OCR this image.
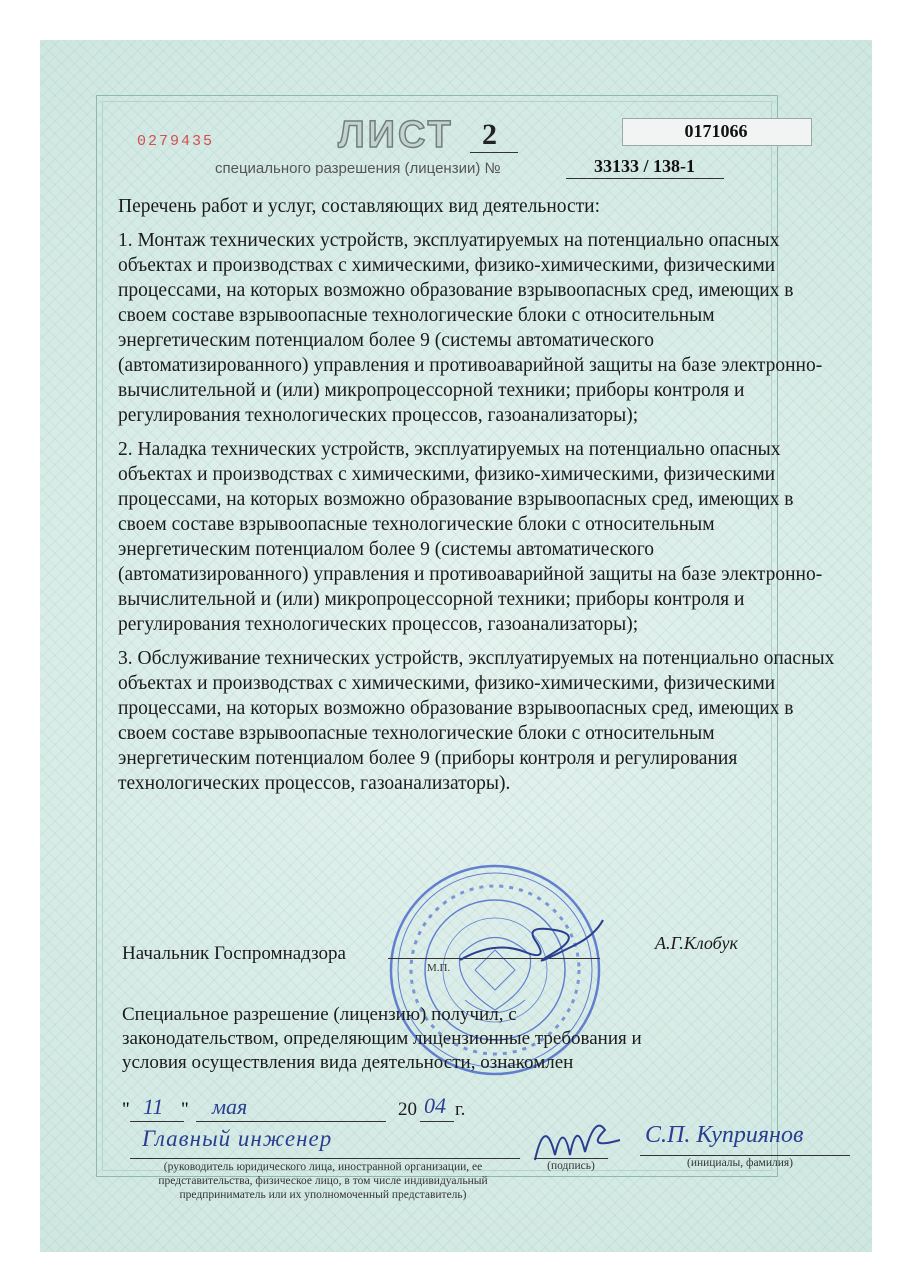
0279435	ЛИСТ 2	0171066
специального разрешения (лицензии) №	33133 / 138-1

Перечень работ и услуг, составляющих вид деятельности:

1. Монтаж технических устройств, эксплуатируемых на потенциально опасных объектах и производствах с химическими, физико-химическими, физическими процессами, на которых возможно образование взрывоопасных сред, имеющих в своем составе взрывоопасные технологические блоки с относительным энергетическим потенциалом более 9 (системы автоматического (автоматизированного) управления и противоаварийной защиты на базе электронно-вычислительной и (или) микропроцессорной техники; приборы контроля и регулирования технологических процессов, газоанализаторы);

2. Наладка технических устройств, эксплуатируемых на потенциально опасных объектах и производствах с химическими, физико-химическими, физическими процессами, на которых возможно образование взрывоопасных сред, имеющих в своем составе взрывоопасные технологические блоки с относительным энергетическим потенциалом более 9 (системы автоматического (автоматизированного) управления и противоаварийной защиты на базе электронно-вычислительной и (или) микропроцессорной техники; приборы контроля и регулирования технологических процессов, газоанализаторы);

3. Обслуживание технических устройств, эксплуатируемых на потенциально опасных объектах и производствах с химическими, физико-химическими, физическими процессами, на которых возможно образование взрывоопасных сред, имеющих в своем составе взрывоопасные технологические блоки с относительным энергетическим потенциалом более 9 (приборы контроля и регулирования технологических процессов, газоанализаторы).

Начальник Госпромнадзора
М.П.
А.Г.Клобук
Специальное разрешение (лицензию) получил, с законодательством, определяющим лицензионные требования и условия осуществления вида деятельности, ознакомлен
" 11 " мая	20 04 г.
Главный инженер
(руководитель юридического лица, иностранной организации, ее представительства, физическое лицо, в том числе индивидуальный предприниматель или их уполномоченный представитель)
(подпись)
С.П. Куприянов
(инициалы, фамилия)
